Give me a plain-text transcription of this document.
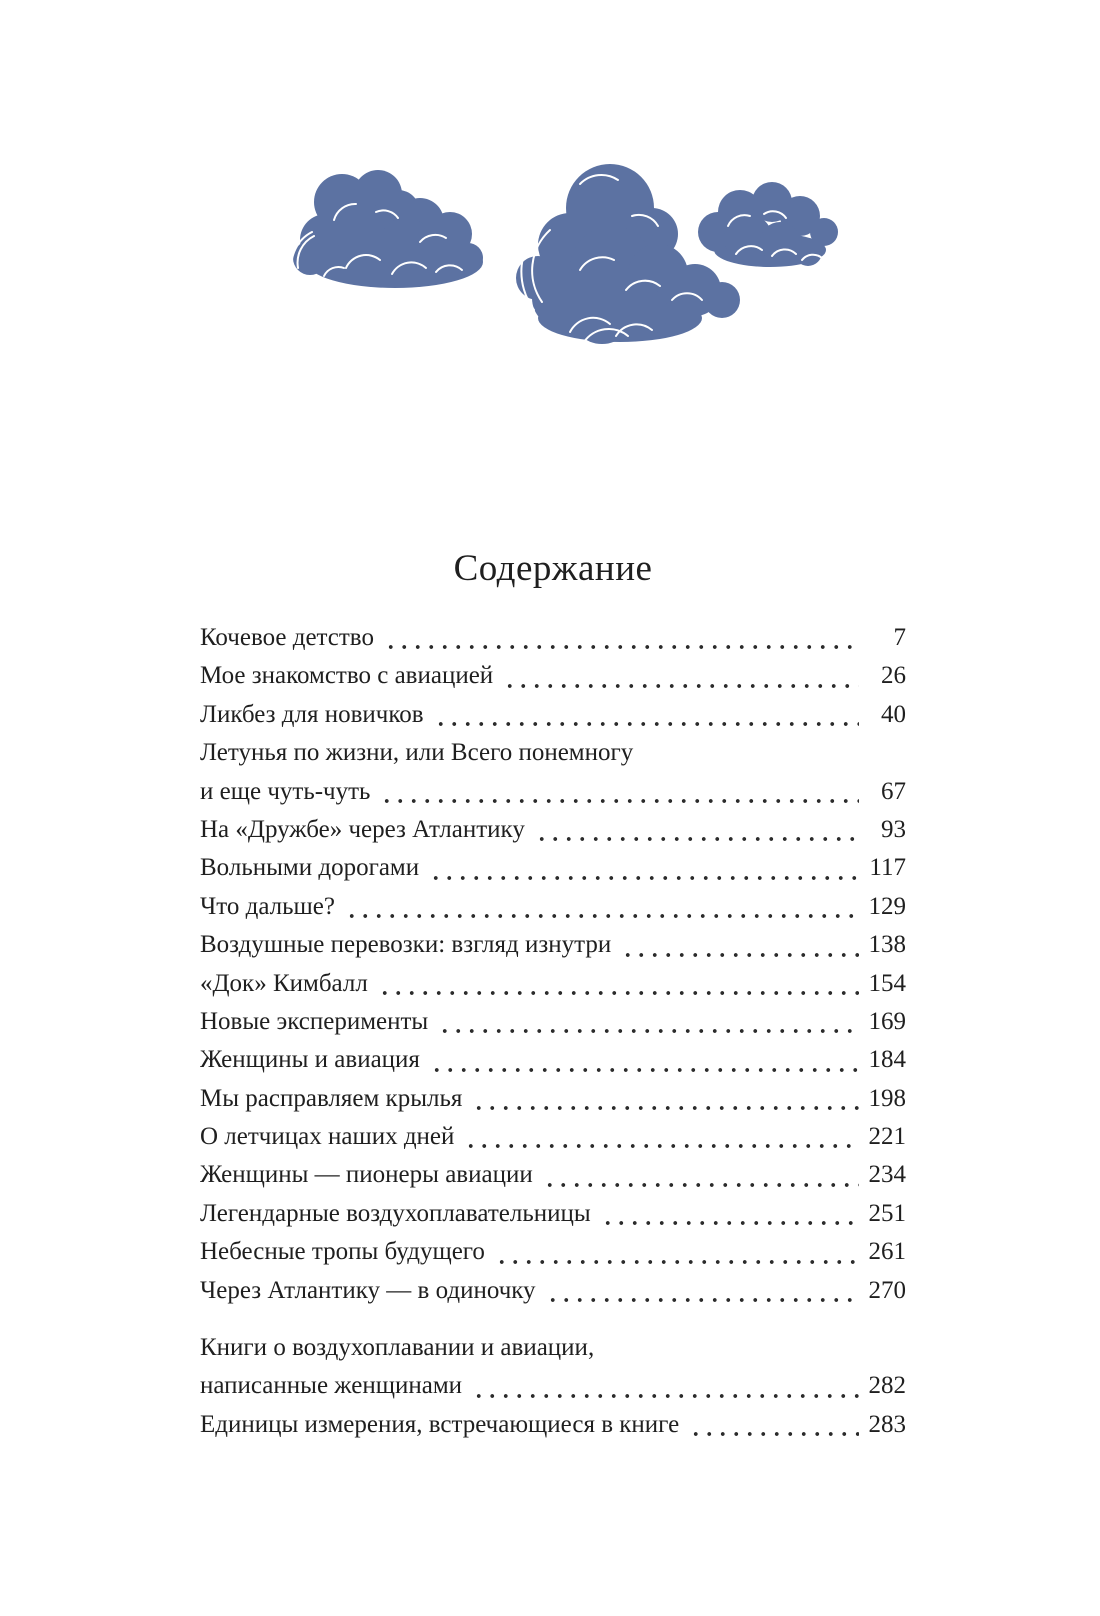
Содержание
Кочевое детство	7
Мое знакомство с авиацией	26
Ликбез для новичков	40
Летунья по жизни, или Всего понемногу
и еще чуть-чуть	67
На «Дружбе» через Атлантику	93
Вольными дорогами	117
Что дальше?	129
Воздушные перевозки: взгляд изнутри	138
«Док» Кимбалл	154
Новые эксперименты	169
Женщины и авиация	184
Мы расправляем крылья	198
О летчицах наших дней	221
Женщины — пионеры авиации	234
Легендарные воздухоплавательницы	251
Небесные тропы будущего	261
Через Атлантику — в одиночку	270
Книги о воздухоплавании и авиации,
написанные женщинами	282
Единицы измерения, встречающиеся в книге	283
